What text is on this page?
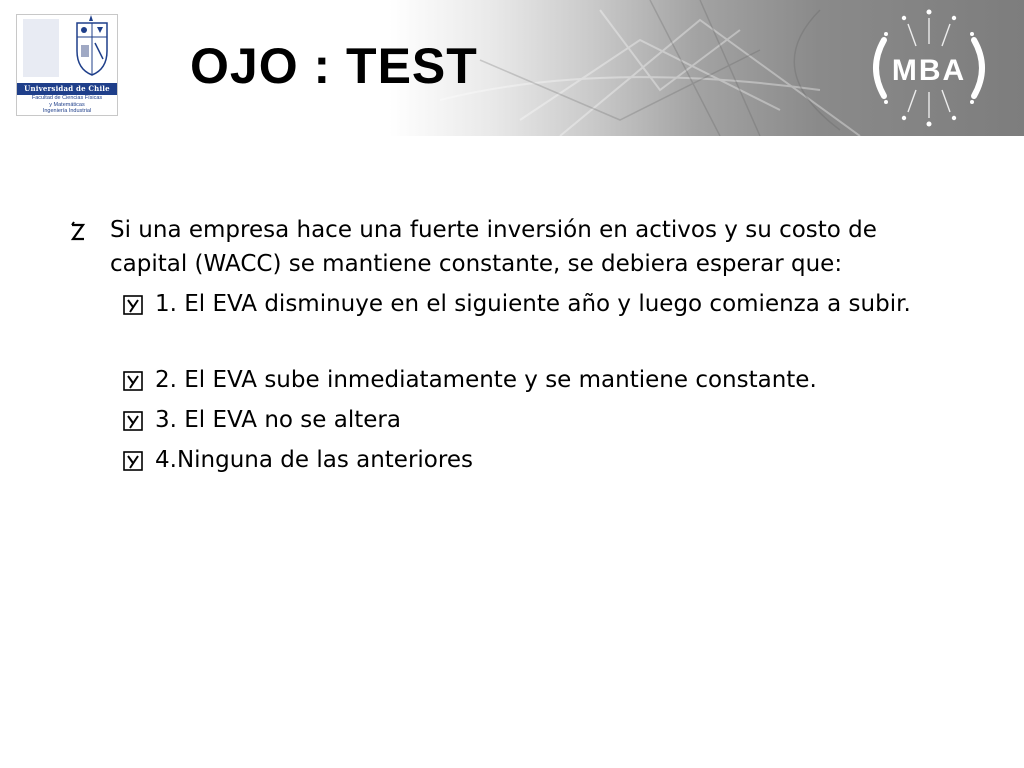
Universidad de Chile
Facultad de Ciencias Físicas
y Matemáticas
Ingeniería Industrial
OJO : TEST	MBA
Si una empresa hace una fuerte inversión en activos y su costo de capital (WACC) se mantiene constante, se debiera esperar que:
1. El EVA disminuye en el siguiente año y luego comienza a subir.
2. El EVA sube inmediatamente y se mantiene constante.
3. El EVA no se altera
4.Ninguna de las anteriores
